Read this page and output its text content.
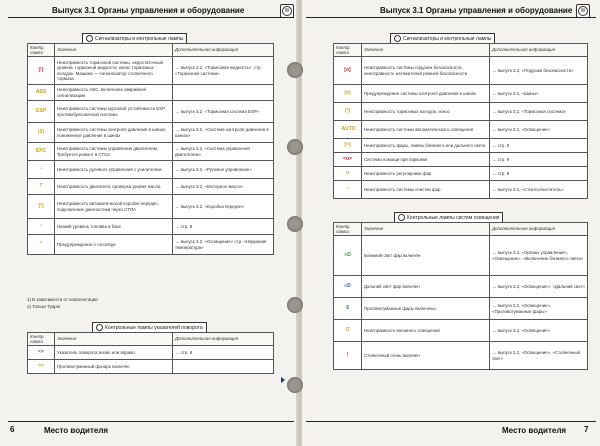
Выпуск 3.1 Органы управления и оборудование	W
Сигнализаторы и контрольные лампы
Контр. лампа	Значение	Дополнительная информация
(!)	Неисправность тормозной системы, недостаточный уровень тормозной жидкости, износ тормозных колодок. Машина — сигнализатор стояночного тормоза	→ выпуск 3.2, «Тормозная жидкость», стр. «Тормозная система»
ABS	Неисправность АБС, включение аварийной сигнализации	
ESP	Неисправность системы курсовой устойчивости ESP, противобуксовочной системы	→ выпуск 3.2, «Тормозная система ESP»
(0)	Неисправность системы контроля давления в шинах, пониженное давление в шинах	→ выпуск 3.2, «Система контроля давления в шинах»
EPC	Неисправность системы управления двигателем. Требуется ремонт в СТОА	→ выпуск 3.2, «Система управления двигателем»
~	Неисправность рулевого управления с усилителем	→ выпуск 3.2, «Рулевое управление»
T	Неисправность двигателя, проверка уровня масла	→ выпуск 3.2, «Моторное масло»
[!]	Неисправность автоматической коробки передач, подключение диагностики через СТОА	→ выпуск 3.2, «Коробка передач»
~	Низкий уровень топлива в баке	→ стр. 8
*	Предупреждение о гололёде	→ выпуск 3.2, «Оснащение» стр. «Наружная температура»
1) В зависимости от комплектации
2) Только Туарег
Контрольные лампы указателей поворота
Контр. лампа	Значение	Дополнительная информация
<=	Указатель поворота влево или вправо	→ стр. 8
=>	Противотуманный фонарь включён	
6	Место водителя
Выпуск 3.1 Органы управления и оборудование	W
Сигнализаторы и контрольные лампы
Контр. лампа	Значение	Дополнительная информация
[o]	Неисправность системы подушек безопасности, неисправность натяжителей ремней безопасности	→ выпуск 3.2, «Подушки безопасности»
(o)	Предупреждение системы контроля давления в шинах	→ выпуск 3.2, «Шины»
(*)	Неисправность тормозных колодок, износ	→ выпуск 3.2, «Тормозная система»
AUTO	Неисправность системы автоматического освещения	→ выпуск 3.2, «Освещение»
[=]	Неисправность фары, лампы ближнего или дальнего света	→ стр. 8
<o>	Система помощи при парковке	→ стр. 9
o	Неисправность регулировки фар	→ стр. 8
~	Неисправность системы очистки фар	→ выпуск 3.2, «Стеклоочиститель»
Контрольные лампы систем освещения
Контр. лампа	Значение	Дополнительная информация
≡D	Ближний свет фар включён	→ выпуск 3.2, «Органы управления», «Освещение», «Включение ближнего света»
≡D	Дальний свет фар включён	→ выпуск 3.2, «Освещение», «Дальний свет»
$	Противотуманные фары включены	→ выпуск 3.2, «Освещение», «Противотуманные фары»
O	Неисправность внешнего освещения	→ выпуск 3.2, «Освещение»
!	Стояночный огонь включён	→ выпуск 3.2, «Освещение», «Стояночный свет»
Место водителя 7
